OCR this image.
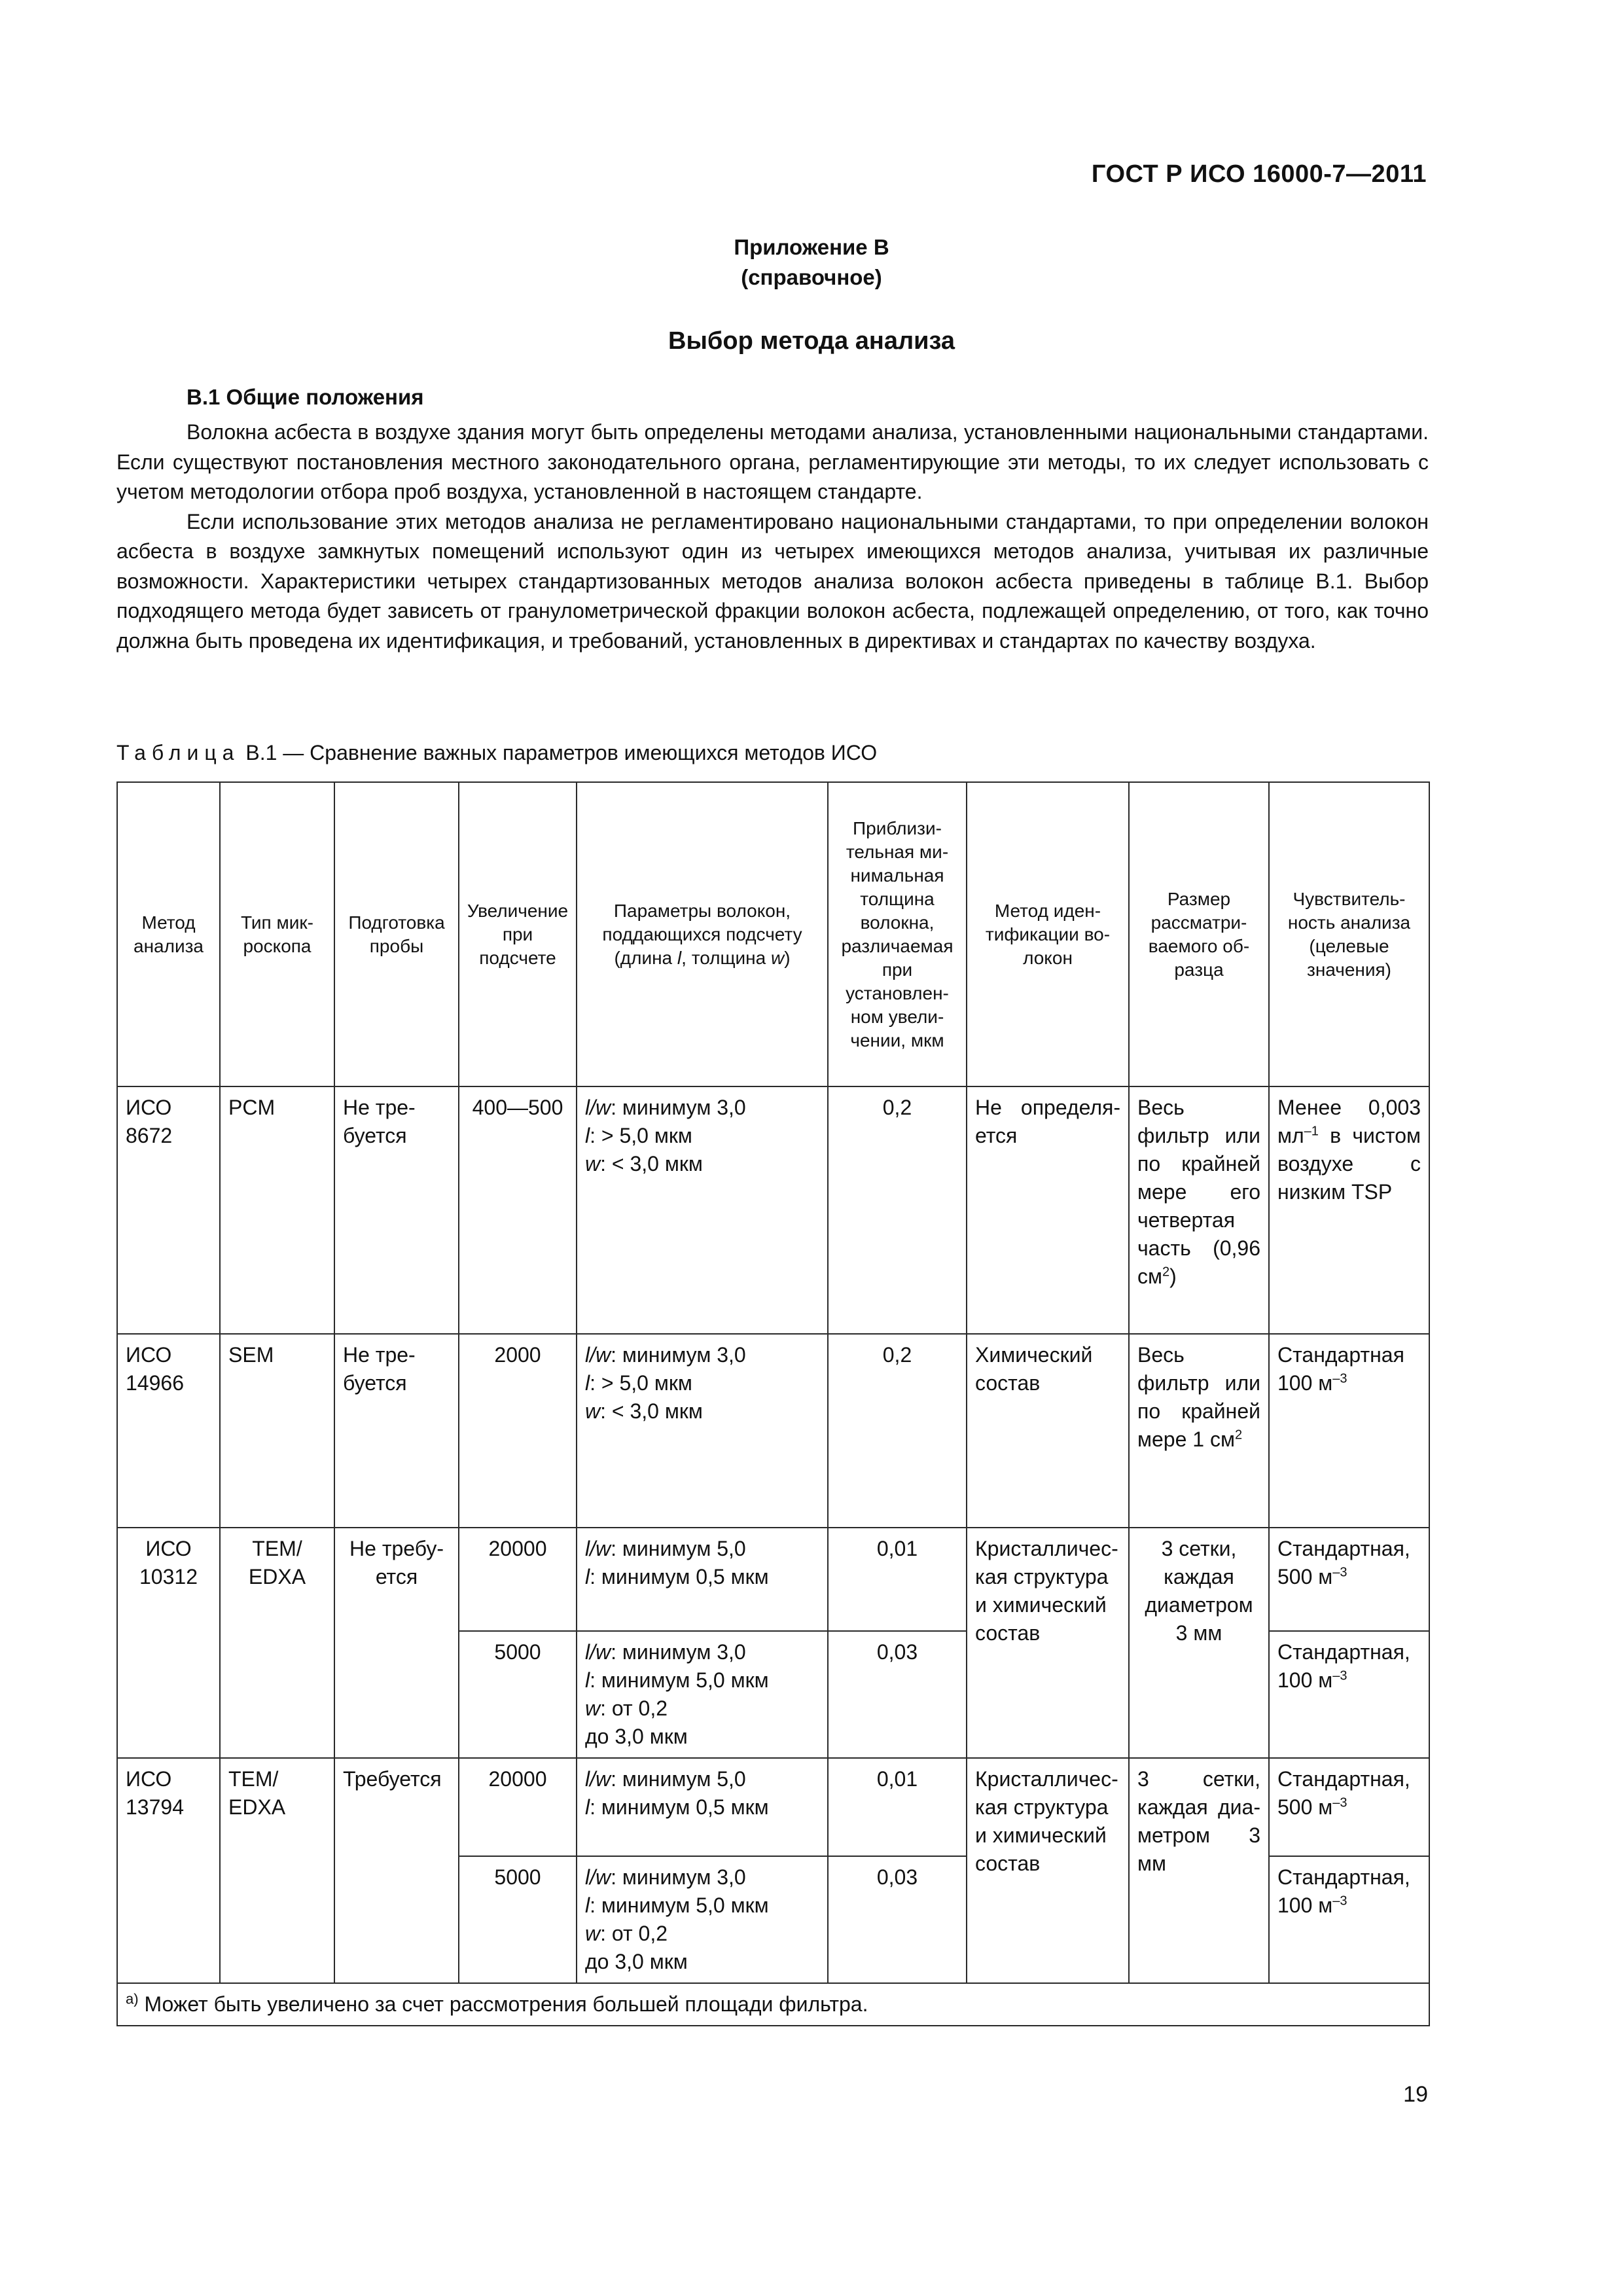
ГОСТ Р ИСО 16000-7—2011
Приложение В
(справочное)
Выбор метода анализа
В.1 Общие положения

Волокна асбеста в воздухе здания могут быть определены методами анализа, установленными национальными стандартами. Если существуют постановления местного законодательного органа, регламентирующие эти методы, то их следует использовать с учетом методологии отбора проб воздуха, установленной в настоящем стандарте.

Если использование этих методов анализа не регламентировано национальными стандартами, то при определении волокон асбеста в воздухе замкнутых помещений используют один из четырех имеющихся методов анализа, учитывая их различные возможности. Характеристики четырех стандартизованных методов анализа волокон асбеста приведены в таблице В.1. Выбор подходящего метода будет зависеть от гранулометрической фракции волокон асбеста, подлежащей определению, от того, как точно должна быть проведена их идентификация, и требований, установленных в директивах и стандартах по качеству воздуха.

Таблица В.1 — Сравнение важных параметров имеющихся методов ИСО
Метод анализа	Тип микроскопа	Подготовка пробы	Увеличение при подсчете	Параметры волокон, поддающихся подсчету (длина l, толщина w)	Приблизительная минимальная толщина волокна, различаемая при установленном увеличении, мкм	Метод идентификации волокон	Размер рассматриваемого образца	Чувствительность анализа (целевые значения)
ИСО 8672	PCM	Не требуется	400—500	l/w: минимум 3,0
l: > 5,0 мкм
w: < 3,0 мкм	0,2	Не определяется	Весь фильтр или по крайней мере его четвертая часть (0,96 $см^2$)	Менее 0,003 $мл^{-1}$ в чистом воздухе с низким TSP
ИСО 14966	SEM	Не требуется	2000	l/w: минимум 3,0
l: > 5,0 мкм
w: < 3,0 мкм	0,2	Химический состав	Весь фильтр или по крайней мере 1 $см^2$	Стандартная 100 $м^{-3}$
ИСО 10312	TEM/ EDXA	Не требуется	20000	l/w: минимум 5,0
l: минимум 0,5 мкм	0,01	Кристаллическая структура и химический состав	3 сетки, каждая диаметром 3 мм	Стандартная, 500 $м^{-3}$
			5000	l/w: минимум 3,0
l: минимум 5,0 мкм
w: от 0,2
до 3,0 мкм	0,03			Стандартная, 100 $м^{-3}$
ИСО 13794	TEM/ EDXA	Требуется	20000	l/w: минимум 5,0
l: минимум 0,5 мкм	0,01	Кристаллическая структура и химический состав	3 сетки, каждая диаметром 3 мм	Стандартная, 500 $м^{-3}$
			5000	l/w: минимум 3,0
l: минимум 5,0 мкм
w: от 0,2
до 3,0 мкм	0,03			Стандартная, 100 $м^{-3}$
$^{а)}$ Может быть увеличено за счет рассмотрения большей площади фильтра.								
19
